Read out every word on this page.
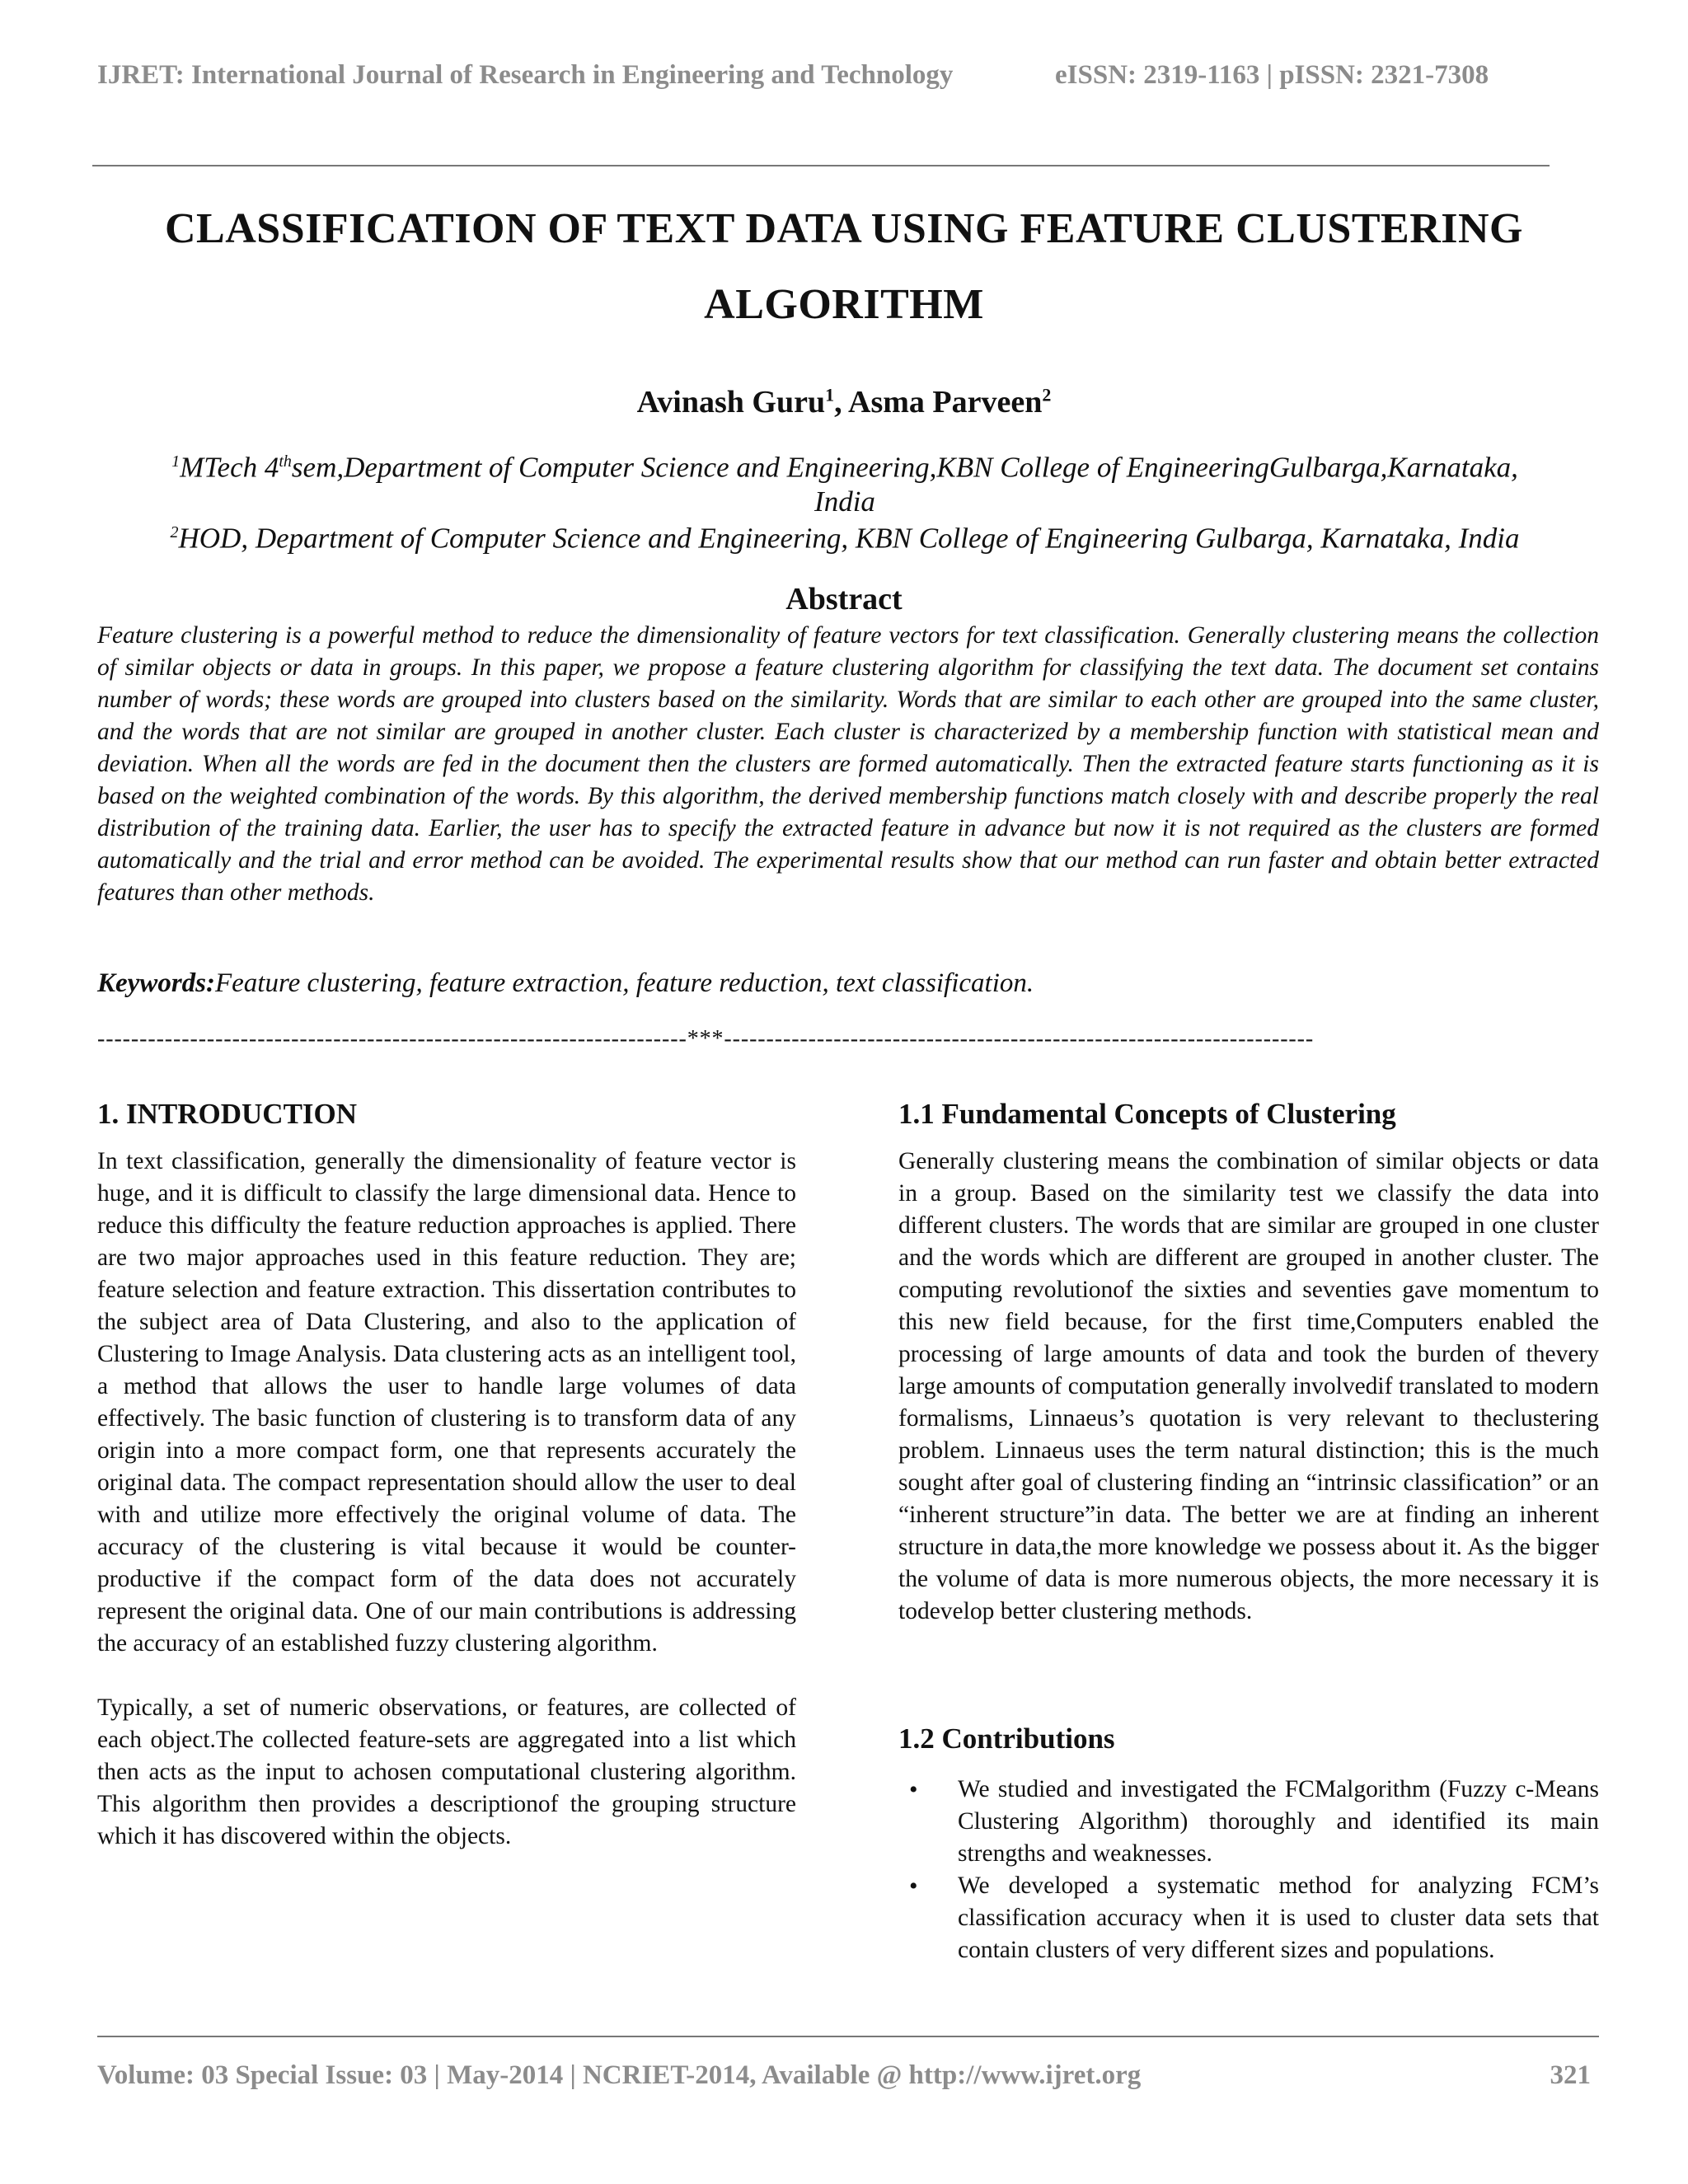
IJRET: International Journal of Research in Engineering and Technology	eISSN: 2319-1163 | pISSN: 2321-7308
CLASSIFICATION OF TEXT DATA USING FEATURE CLUSTERING
ALGORITHM
Avinash Guru$^1$, Asma Parveen$^2$
$^1$MTech 4thsem,Department of Computer Science and Engineering,KBN College of EngineeringGulbarga,Karnataka,
India
$^2$HOD, Department of Computer Science and Engineering, KBN College of Engineering Gulbarga, Karnataka, India
Abstract
Feature clustering is a powerful method to reduce the dimensionality of feature vectors for text classification. Generally clustering means the collection of similar objects or data in groups. In this paper, we propose a feature clustering algorithm for classifying the text data. The document set contains number of words; these words are grouped into clusters based on the similarity. Words that are similar to each other are grouped into the same cluster, and the words that are not similar are grouped in another cluster. Each cluster is characterized by a membership function with statistical mean and deviation. When all the words are fed in the document then the clusters are formed automatically. Then the extracted feature starts functioning as it is based on the weighted combination of the words. By this algorithm, the derived membership functions match closely with and describe properly the real distribution of the training data. Earlier, the user has to specify the extracted feature in advance but now it is not required as the clusters are formed automatically and the trial and error method can be avoided. The experimental results show that our method can run faster and obtain better extracted features than other methods.
Keywords:Feature clustering, feature extraction, feature reduction, text classification.
----------------------------------------------------------------------***----------------------------------------------------------------------
1. INTRODUCTION

In text classification, generally the dimensionality of feature vector is huge, and it is difficult to classify the large dimensional data. Hence to reduce this difficulty the feature reduction approaches is applied. There are two major approaches used in this feature reduction. They are; feature selection and feature extraction. This dissertation contributes to the subject area of Data Clustering, and also to the application of Clustering to Image Analysis. Data clustering acts as an intelligent tool, a method that allows the user to handle large volumes of data effectively. The basic function of clustering is to transform data of any origin into a more compact form, one that represents accurately the original data. The compact representation should allow the user to deal with and utilize more effectively the original volume of data. The accuracy of the clustering is vital because it would be counter-productive if the compact form of the data does not accurately represent the original data. One of our main contributions is addressing the accuracy of an established fuzzy clustering algorithm.

Typically, a set of numeric observations, or features, are collected of each object.The collected feature-sets are aggregated into a list which then acts as the input to achosen computational clustering algorithm. This algorithm then provides a descriptionof the grouping structure which it has discovered within the objects.

1.1 Fundamental Concepts of Clustering

Generally clustering means the combination of similar objects or data in a group. Based on the similarity test we classify the data into different clusters. The words that are similar are grouped in one cluster and the words which are different are grouped in another cluster. The computing revolutionof the sixties and seventies gave momentum to this new field because, for the first time,Computers enabled the processing of large amounts of data and took the burden of thevery large amounts of computation generally involvedif translated to modern formalisms, Linnaeus’s quotation is very relevant to theclustering problem. Linnaeus uses the term natural distinction; this is the much sought after goal of clustering finding an “intrinsic classification” or an “inherent structure”in data. The better we are at finding an inherent structure in data,the more knowledge we possess about it. As the bigger the volume of data is more numerous objects, the more necessary it is todevelop better clustering methods.

1.2 Contributions
• We studied and investigated the FCMalgorithm (Fuzzy c-Means Clustering Algorithm) thoroughly and identified its main strengths and weaknesses.
• We developed a systematic method for analyzing FCM’s classification accuracy when it is used to cluster data sets that contain clusters of very different sizes and populations.
Volume: 03 Special Issue: 03 | May-2014 | NCRIET-2014, Available @ http://www.ijret.org	321
